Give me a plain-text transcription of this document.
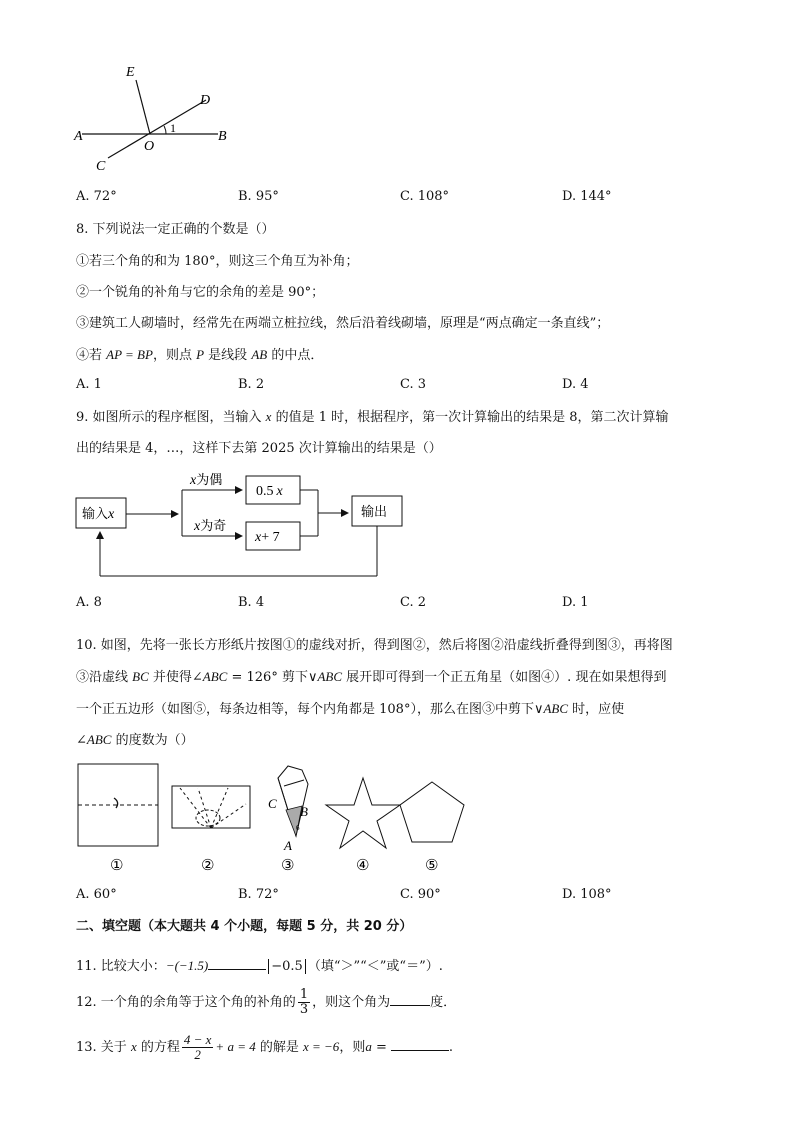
E
D
A	B
O
C
1
A. 72°	B. 95°	C. 108°	D. 144°
8. 下列说法一定正确的个数是（）
①若三个角的和为 180°，则这三个角互为补角；
②一个锐角的补角与它的余角的差是 90°；
③建筑工人砌墙时，经常先在两端立桩拉线，然后沿着线砌墙，原理是“两点确定一条直线”；
④若 AP = BP，则点 P 是线段 AB 的中点．
A. 1	B. 2	C. 3	D. 4
9. 如图所示的程序框图，当输入 x 的值是 1 时，根据程序，第一次计算输出的结果是 8，第二次计算输
出的结果是 4，…，这样下去第 2025 次计算输出的结果是（）
输入x
x为偶
x为奇
0.5 x
x+ 7
输出
A. 8	B. 4	C. 2	D. 1
10. 如图，先将一张长方形纸片按图①的虚线对折，得到图②，然后将图②沿虚线折叠得到图③，再将图
③沿虚线 BC 并使得∠ABC = 126° 剪下∨ABC 展开即可得到一个正五角星（如图④）. 现在如果想得到
一个正五边形（如图⑤，每条边相等，每个内角都是 108°），那么在图③中剪下∨ABC 时，应使
∠ABC 的度数为（）
C
B
A
6
①	②	③	④	⑤
A. 60°	B. 72°	C. 90°	D. 108°
二、填空题（本大题共 4 个小题，每题 5 分，共 20 分）
11. 比较大小：−(−1.5)	−0.5 （填“＞”“＜”或“＝”）.
12. 一个角的余角等于这个角的补角的 $\frac{1}{3}$ ，则这个角为	度．
13. 关于 x 的方程 $\frac{4 - x}{2} + a = 4$ 的解是 x = −6，则a =	.
